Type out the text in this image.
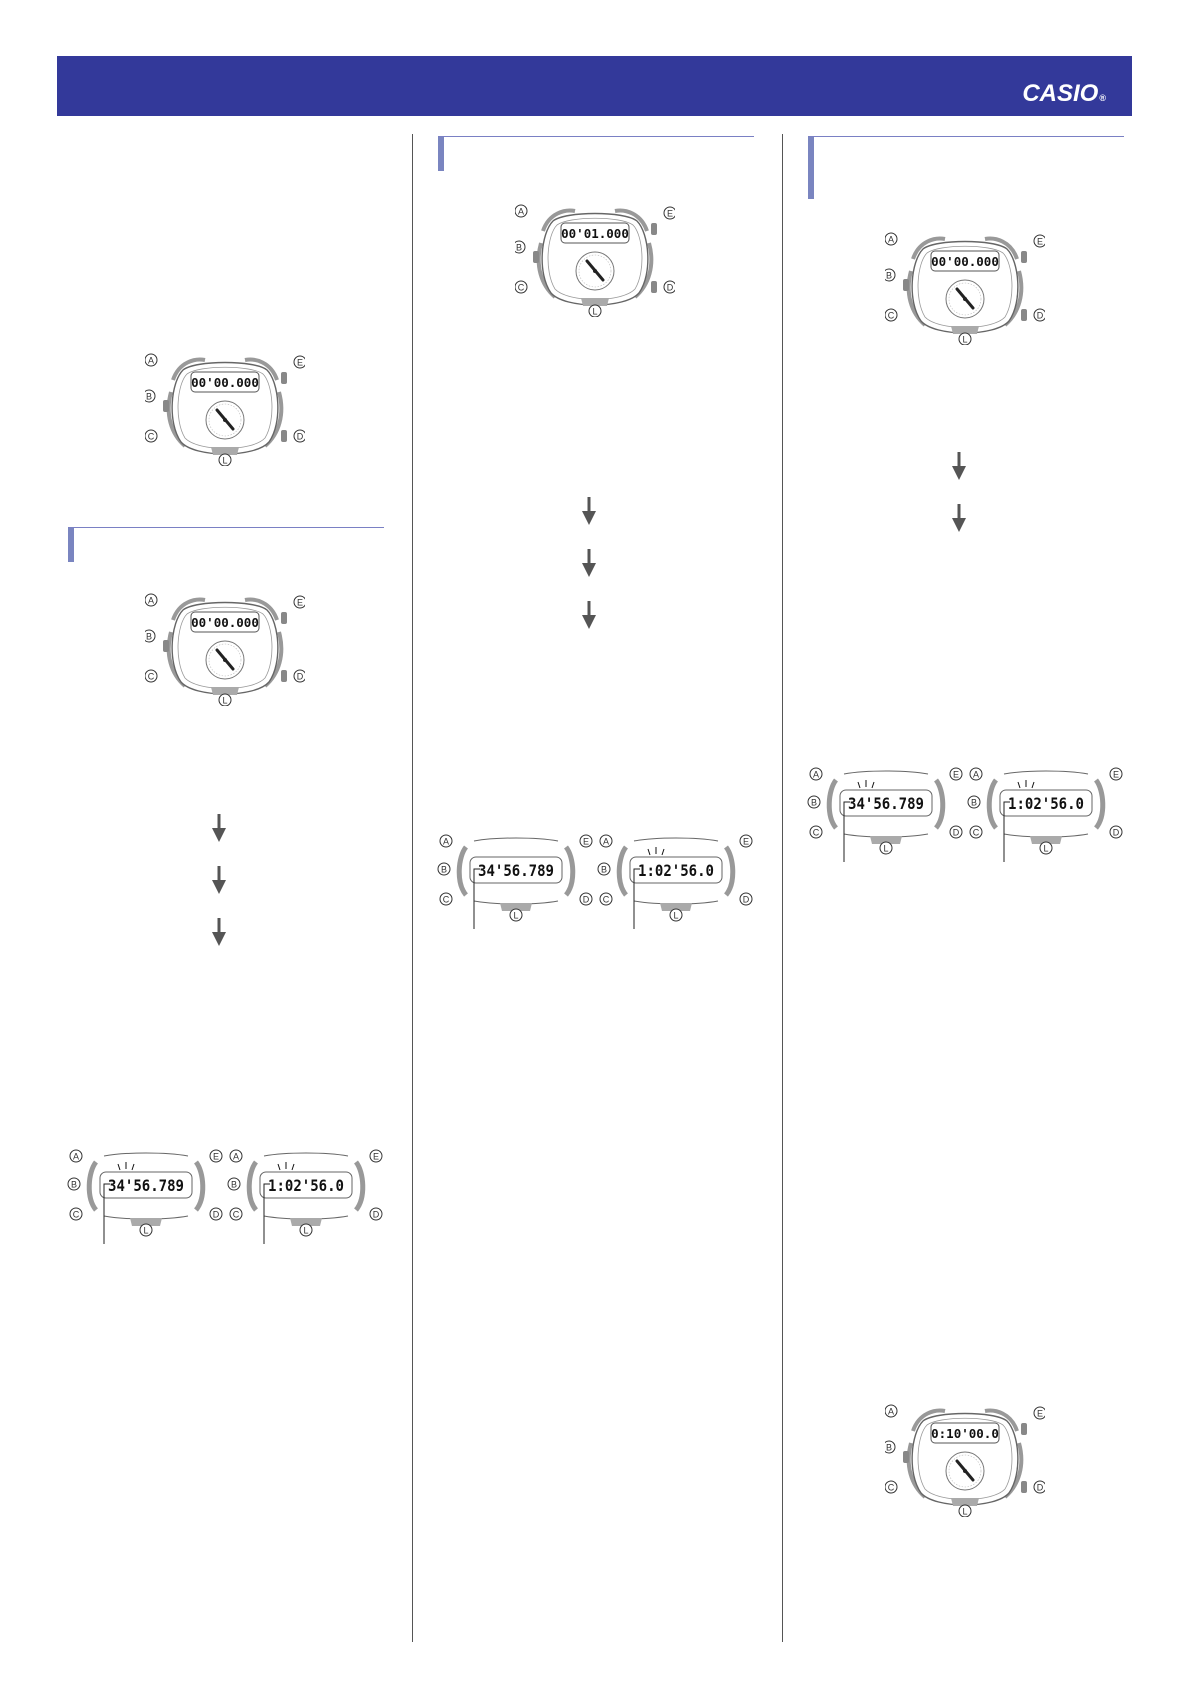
CASIO®
00'00.000
A
B
C	D
E
L
00'00.000
A
B
C	D
E
L
00'01.000
A
B
C	D
E
L
00'00.000
A
B
C	D
E
L
0:10'00.0
A
B
C	D
E
L
34'56.789
A
B
C	D
E
L
1:02'56.0
A
B
C	D
E
L
34'56.789
A
B
C	D
E
L
1:02'56.0
A
B
C	D
E
L
34'56.789
A
B
C	D
E
L
1:02'56.0
A
B
C	D
E
L
